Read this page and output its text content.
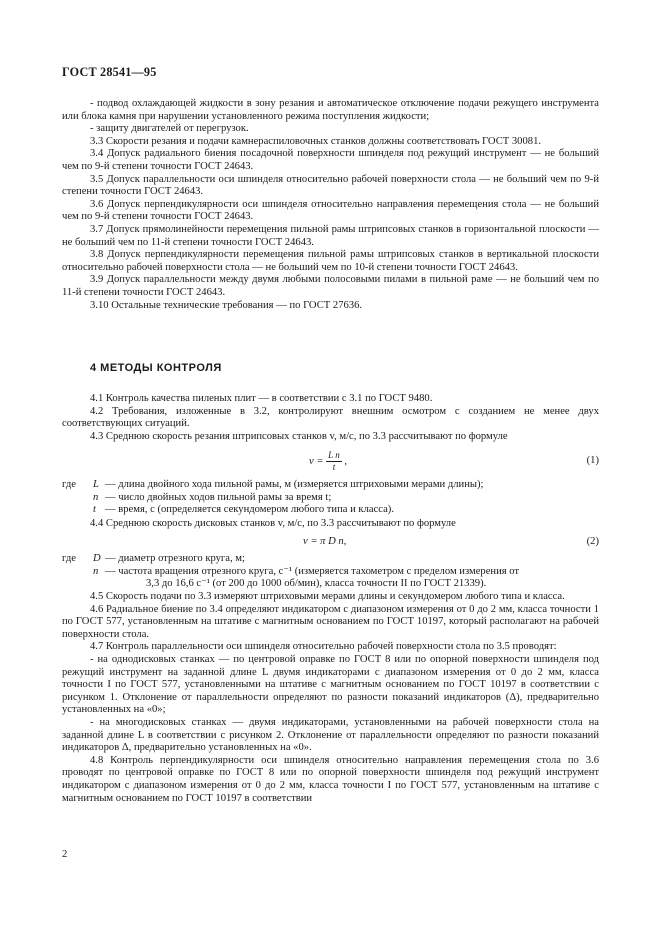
ГОСТ 28541—95

- подвод охлаждающей жидкости в зону резания и автоматическое отключение подачи режущего инструмента или блока камня при нарушении установленного режима поступления жидкости;

- защиту двигателей от перегрузок.

3.3 Скорости резания и подачи камнераспиловочных станков должны соответствовать ГОСТ 30081.

3.4 Допуск радиального биения посадочной поверхности шпинделя под режущий инструмент — не больший чем по 9-й степени точности ГОСТ 24643.

3.5 Допуск параллельности оси шпинделя относительно рабочей поверхности стола — не больший чем по 9-й степени точности ГОСТ 24643.

3.6 Допуск перпендикулярности оси шпинделя относительно направления перемещения стола — не больший чем по 9-й степени точности ГОСТ 24643.

3.7 Допуск прямолинейности перемещения пильной рамы штрипсовых станков в горизонтальной плоскости — не больший чем по 11-й степени точности ГОСТ 24643.

3.8 Допуск перпендикулярности перемещения пильной рамы штрипсовых станков в вертикальной плоскости относительно рабочей поверхности стола — не больший чем по 10-й степени точности ГОСТ 24643.

3.9 Допуск параллельности между двумя любыми полосовыми пилами в пильной раме — не больший чем по 11-й степени точности ГОСТ 24643.

3.10 Остальные технические требования — по ГОСТ 27636.

4 МЕТОДЫ КОНТРОЛЯ

4.1 Контроль качества пиленых плит — в соответствии с 3.1 по ГОСТ 9480.

4.2 Требования, изложенные в 3.2, контролируют внешним осмотром с созданием не менее двух соответствующих ситуаций.

4.3 Среднюю скорость резания штрипсовых станков v, м/с, по 3.3 рассчитывают по формуле

$v = \frac{\text{L n}}{t}$ ,	(1)
где L — длина двойного хода пильной рамы, м (измеряется штриховыми мерами длины);
n — число двойных ходов пильной рамы за время t;
t — время, с (определяется секундомером любого типа и класса).

4.4 Среднюю скорость дисковых станков v, м/с, по 3.3 рассчитывают по формуле

v = π D n,	(2)
где D — диаметр отрезного круга, м;
n — частота вращения отрезного круга, с⁻¹ (измеряется тахометром с пределом измерения от
3,3 до 16,6 с⁻¹ (от 200 до 1000 об/мин), класса точности II по ГОСТ 21339).

4.5 Скорость подачи по 3.3 измеряют штриховыми мерами длины и секундомером любого типа и класса.

4.6 Радиальное биение по 3.4 определяют индикатором с диапазоном измерения от 0 до 2 мм, класса точности 1 по ГОСТ 577, установленным на штативе с магнитным основанием по ГОСТ 10197, который располагают на рабочей поверхности стола.

4.7 Контроль параллельности оси шпинделя относительно рабочей поверхности стола по 3.5 проводят:

- на однодисковых станках — по центровой оправке по ГОСТ 8 или по опорной поверхности шпинделя под режущий инструмент на заданной длине L двумя индикаторами с диапазоном измерения от 0 до 2 мм, класса точности I по ГОСТ 577, установленными на штативе с магнитным основанием по ГОСТ 10197 в соответствии с рисунком 1. Отклонение от параллельности определяют по разности показаний индикаторов (Δ), предварительно установленных на «0»;

- на многодисковых станках — двумя индикаторами, установленными на рабочей поверхности стола на заданной длине L в соответствии с рисунком 2. Отклонение от параллельности определяют по разности показаний индикаторов Δ, предварительно установленных на «0».

4.8 Контроль перпендикулярности оси шпинделя относительно направления перемещения стола по 3.6 проводят по центровой оправке по ГОСТ 8 или по опорной поверхности шпинделя под режущий инструмент индикатором с диапазоном измерения от 0 до 2 мм, класса точности I по ГОСТ 577, установленным на штативе с магнитным основанием по ГОСТ 10197 в соответствии

2
